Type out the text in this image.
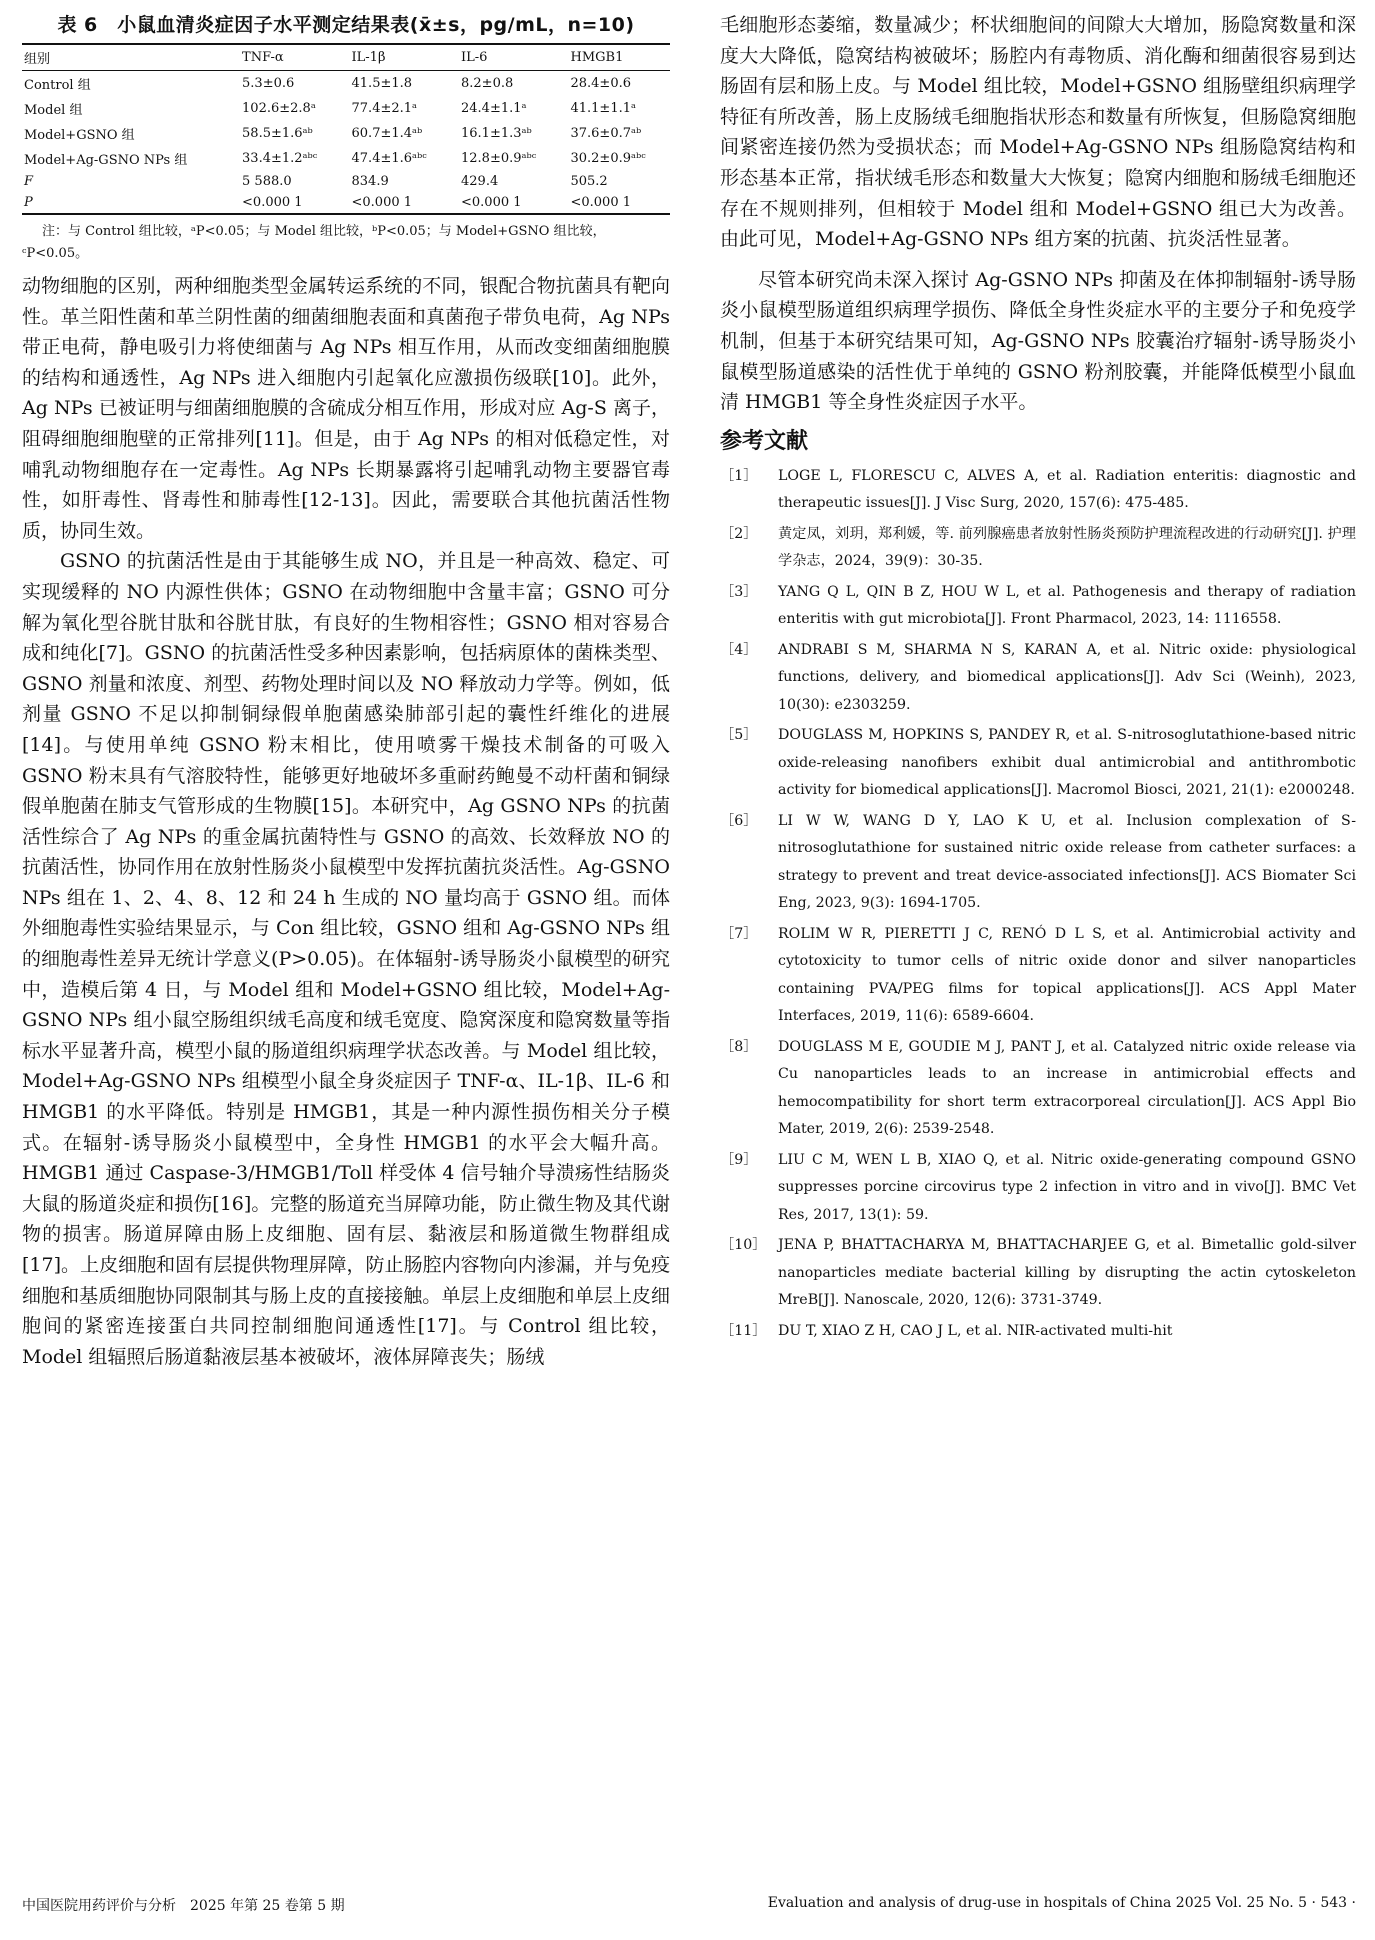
表 6　小鼠血清炎症因子水平测定结果表(x̄±s，pg/mL，n=10)
组别	TNF-α	IL-1β	IL-6	HMGB1
Control 组	5.3±0.6	41.5±1.8	8.2±0.8	28.4±0.6
Model 组	102.6±2.8ᵃ	77.4±2.1ᵃ	24.4±1.1ᵃ	41.1±1.1ᵃ
Model+GSNO 组	58.5±1.6ᵃᵇ	60.7±1.4ᵃᵇ	16.1±1.3ᵃᵇ	37.6±0.7ᵃᵇ
Model+Ag-GSNO NPs 组	33.4±1.2ᵃᵇᶜ	47.4±1.6ᵃᵇᶜ	12.8±0.9ᵃᵇᶜ	30.2±0.9ᵃᵇᶜ
F	5 588.0	834.9	429.4	505.2
P	<0.000 1	<0.000 1	<0.000 1	<0.000 1

注：与 Control 组比较，ᵃP<0.05；与 Model 组比较，ᵇP<0.05；与 Model+GSNO 组比较，ᶜP<0.05。

动物细胞的区别，两种细胞类型金属转运系统的不同，银配合物抗菌具有靶向性。革兰阳性菌和革兰阴性菌的细菌细胞表面和真菌孢子带负电荷，Ag NPs 带正电荷，静电吸引力将使细菌与 Ag NPs 相互作用，从而改变细菌细胞膜的结构和通透性，Ag NPs 进入细胞内引起氧化应激损伤级联[10]。此外，Ag NPs 已被证明与细菌细胞膜的含硫成分相互作用，形成对应 Ag-S 离子，阻碍细胞细胞壁的正常排列[11]。但是，由于 Ag NPs 的相对低稳定性，对哺乳动物细胞存在一定毒性。Ag NPs 长期暴露将引起哺乳动物主要器官毒性，如肝毒性、肾毒性和肺毒性[12-13]。因此，需要联合其他抗菌活性物质，协同生效。

GSNO 的抗菌活性是由于其能够生成 NO，并且是一种高效、稳定、可实现缓释的 NO 内源性供体；GSNO 在动物细胞中含量丰富；GSNO 可分解为氧化型谷胱甘肽和谷胱甘肽，有良好的生物相容性；GSNO 相对容易合成和纯化[7]。GSNO 的抗菌活性受多种因素影响，包括病原体的菌株类型、GSNO 剂量和浓度、剂型、药物处理时间以及 NO 释放动力学等。例如，低剂量 GSNO 不足以抑制铜绿假单胞菌感染肺部引起的囊性纤维化的进展[14]。与使用单纯 GSNO 粉末相比，使用喷雾干燥技术制备的可吸入 GSNO 粉末具有气溶胶特性，能够更好地破坏多重耐药鲍曼不动杆菌和铜绿假单胞菌在肺支气管形成的生物膜[15]。本研究中，Ag GSNO NPs 的抗菌活性综合了 Ag NPs 的重金属抗菌特性与 GSNO 的高效、长效释放 NO 的抗菌活性，协同作用在放射性肠炎小鼠模型中发挥抗菌抗炎活性。Ag-GSNO NPs 组在 1、2、4、8、12 和 24 h 生成的 NO 量均高于 GSNO 组。而体外细胞毒性实验结果显示，与 Con 组比较，GSNO 组和 Ag-GSNO NPs 组的细胞毒性差异无统计学意义(P>0.05)。在体辐射-诱导肠炎小鼠模型的研究中，造模后第 4 日，与 Model 组和 Model+GSNO 组比较，Model+Ag-GSNO NPs 组小鼠空肠组织绒毛高度和绒毛宽度、隐窝深度和隐窝数量等指标水平显著升高，模型小鼠的肠道组织病理学状态改善。与 Model 组比较，Model+Ag-GSNO NPs 组模型小鼠全身炎症因子 TNF-α、IL-1β、IL-6 和 HMGB1 的水平降低。特别是 HMGB1，其是一种内源性损伤相关分子模式。在辐射-诱导肠炎小鼠模型中，全身性 HMGB1 的水平会大幅升高。HMGB1 通过 Caspase-3/HMGB1/Toll 样受体 4 信号轴介导溃疡性结肠炎大鼠的肠道炎症和损伤[16]。完整的肠道充当屏障功能，防止微生物及其代谢物的损害。肠道屏障由肠上皮细胞、固有层、黏液层和肠道微生物群组成[17]。上皮细胞和固有层提供物理屏障，防止肠腔内容物向内渗漏，并与免疫细胞和基质细胞协同限制其与肠上皮的直接接触。单层上皮细胞和单层上皮细胞间的紧密连接蛋白共同控制细胞间通透性[17]。与 Control 组比较，Model 组辐照后肠道黏液层基本被破坏，液体屏障丧失；肠绒

毛细胞形态萎缩，数量减少；杯状细胞间的间隙大大增加，肠隐窝数量和深度大大降低，隐窝结构被破坏；肠腔内有毒物质、消化酶和细菌很容易到达肠固有层和肠上皮。与 Model 组比较，Model+GSNO 组肠壁组织病理学特征有所改善，肠上皮肠绒毛细胞指状形态和数量有所恢复，但肠隐窝细胞间紧密连接仍然为受损状态；而 Model+Ag-GSNO NPs 组肠隐窝结构和形态基本正常，指状绒毛形态和数量大大恢复；隐窝内细胞和肠绒毛细胞还存在不规则排列，但相较于 Model 组和 Model+GSNO 组已大为改善。由此可见，Model+Ag-GSNO NPs 组方案的抗菌、抗炎活性显著。

尽管本研究尚未深入探讨 Ag-GSNO NPs 抑菌及在体抑制辐射-诱导肠炎小鼠模型肠道组织病理学损伤、降低全身性炎症水平的主要分子和免疫学机制，但基于本研究结果可知，Ag-GSNO NPs 胶囊治疗辐射-诱导肠炎小鼠模型肠道感染的活性优于单纯的 GSNO 粉剂胶囊，并能降低模型小鼠血清 HMGB1 等全身性炎症因子水平。

参考文献
［1］	LOGE L, FLORESCU C, ALVES A, et al. Radiation enteritis: diagnostic and therapeutic issues[J]. J Visc Surg, 2020, 157(6): 475-485.
［2］	黄定凤，刘玥，郑利媛，等. 前列腺癌患者放射性肠炎预防护理流程改进的行动研究[J]. 护理学杂志，2024，39(9)：30-35.
［3］	YANG Q L, QIN B Z, HOU W L, et al. Pathogenesis and therapy of radiation enteritis with gut microbiota[J]. Front Pharmacol, 2023, 14: 1116558.
［4］	ANDRABI S M, SHARMA N S, KARAN A, et al. Nitric oxide: physiological functions, delivery, and biomedical applications[J]. Adv Sci (Weinh), 2023, 10(30): e2303259.
［5］	DOUGLASS M, HOPKINS S, PANDEY R, et al. S-nitrosoglutathione-based nitric oxide-releasing nanofibers exhibit dual antimicrobial and antithrombotic activity for biomedical applications[J]. Macromol Biosci, 2021, 21(1): e2000248.
［6］	LI W W, WANG D Y, LAO K U, et al. Inclusion complexation of S-nitrosoglutathione for sustained nitric oxide release from catheter surfaces: a strategy to prevent and treat device-associated infections[J]. ACS Biomater Sci Eng, 2023, 9(3): 1694-1705.
［7］	ROLIM W R, PIERETTI J C, RENÓ D L S, et al. Antimicrobial activity and cytotoxicity to tumor cells of nitric oxide donor and silver nanoparticles containing PVA/PEG films for topical applications[J]. ACS Appl Mater Interfaces, 2019, 11(6): 6589-6604.
［8］	DOUGLASS M E, GOUDIE M J, PANT J, et al. Catalyzed nitric oxide release via Cu nanoparticles leads to an increase in antimicrobial effects and hemocompatibility for short term extracorporeal circulation[J]. ACS Appl Bio Mater, 2019, 2(6): 2539-2548.
［9］	LIU C M, WEN L B, XIAO Q, et al. Nitric oxide-generating compound GSNO suppresses porcine circovirus type 2 infection in vitro and in vivo[J]. BMC Vet Res, 2017, 13(1): 59.
［10］ JENA P, BHATTACHARYA M, BHATTACHARJEE G, et al. Bimetallic gold-silver nanoparticles mediate bacterial killing by disrupting the actin cytoskeleton MreB[J]. Nanoscale, 2020, 12(6): 3731-3749.
［11］ DU T, XIAO Z H, CAO J L, et al. NIR-activated multi-hit
中国医院用药评价与分析　2025 年第 25 卷第 5 期	Evaluation and analysis of drug-use in hospitals of China 2025 Vol. 25 No. 5 · 543 ·
